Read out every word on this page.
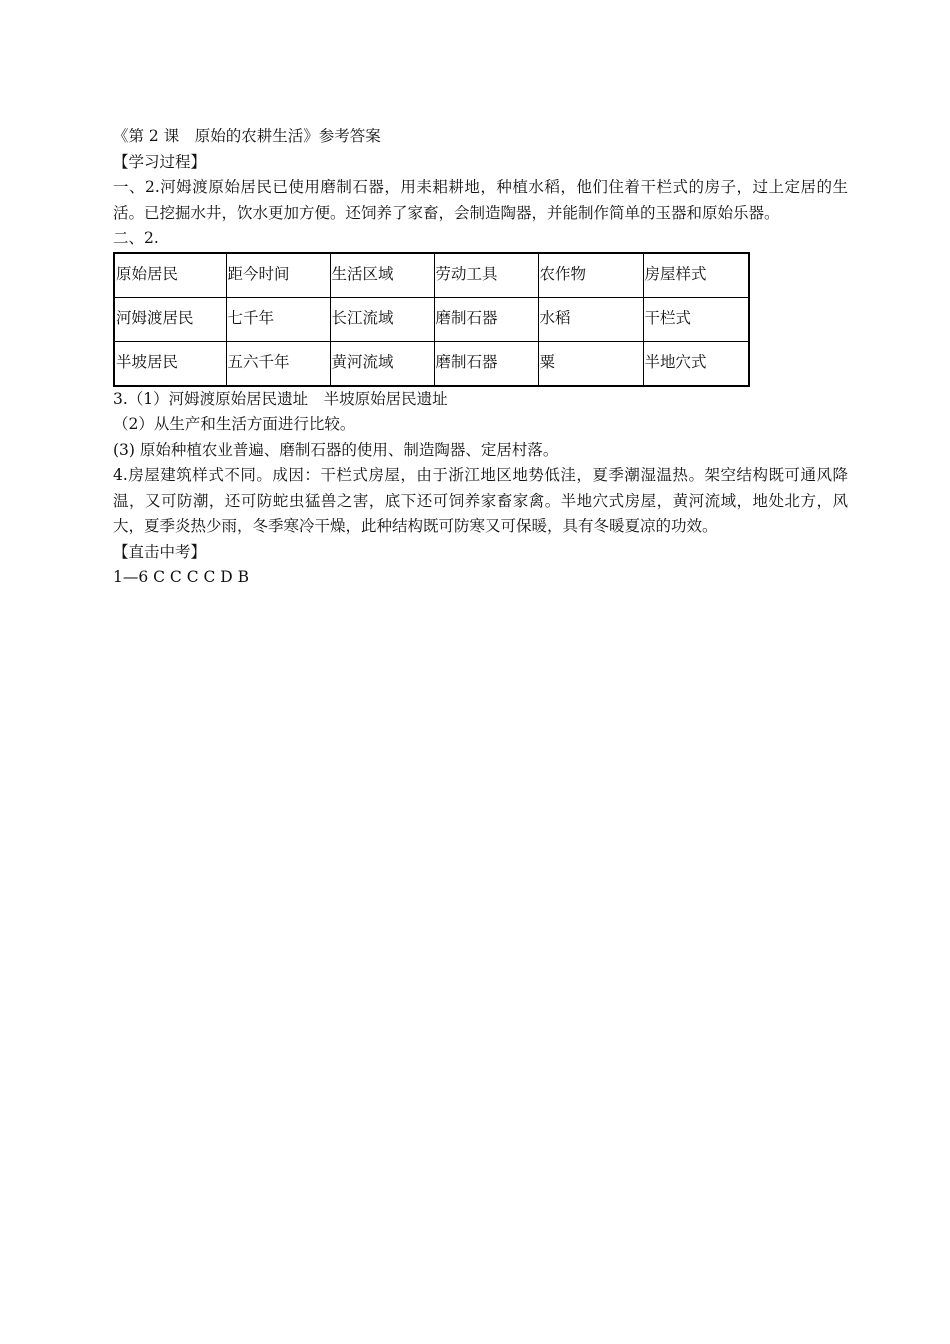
《第 2 课　原始的农耕生活》参考答案

【学习过程】

一、2.河姆渡原始居民已使用磨制石器，用耒耜耕地，种植水稻，他们住着干栏式的房子，过上定居的生活。已挖掘水井，饮水更加方便。还饲养了家畜，会制造陶器，并能制作简单的玉器和原始乐器。

二、2.

原始居民	距今时间	生活区域	劳动工具	农作物	房屋样式
河姆渡居民	七千年	长江流域	磨制石器	水稻	干栏式
半坡居民	五六千年	黄河流域	磨制石器	粟	半地穴式

3.（1）河姆渡原始居民遗址　半坡原始居民遗址

（2）从生产和生活方面进行比较。

(3) 原始种植农业普遍、磨制石器的使用、制造陶器、定居村落。

4.房屋建筑样式不同。成因：干栏式房屋，由于浙江地区地势低洼，夏季潮湿温热。架空结构既可通风降温，又可防潮，还可防蛇虫猛兽之害，底下还可饲养家畜家禽。半地穴式房屋，黄河流域，地处北方，风大，夏季炎热少雨，冬季寒冷干燥，此种结构既可防寒又可保暖，具有冬暖夏凉的功效。

【直击中考】

1—6 C C C C D B
